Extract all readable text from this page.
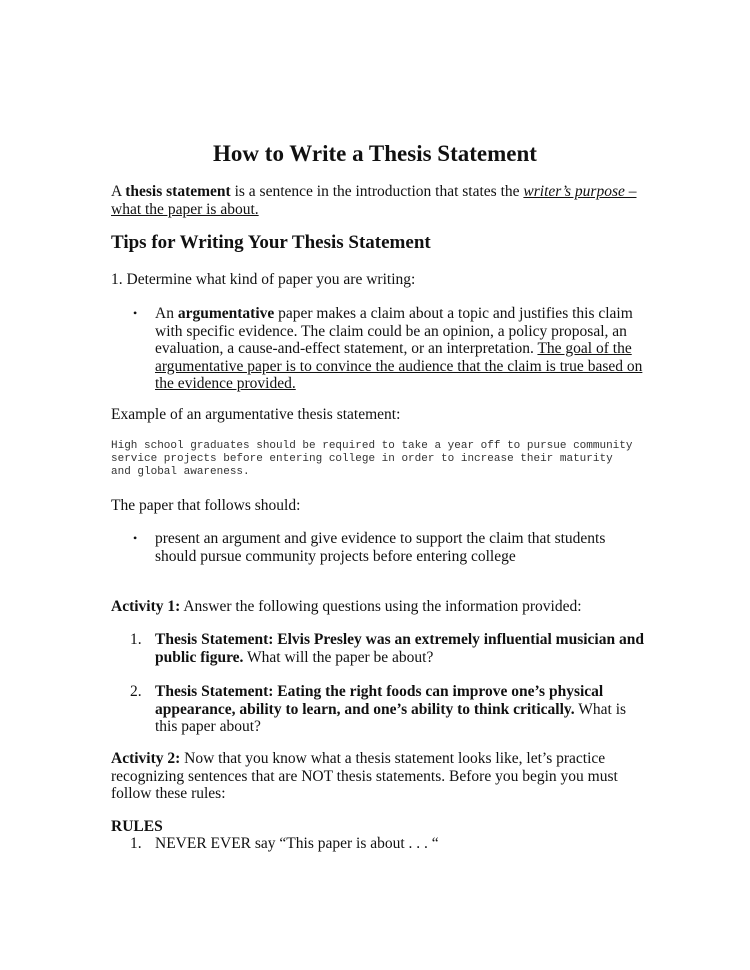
How to Write a Thesis Statement

A thesis statement is a sentence in the introduction that states the writer’s purpose –
what the paper is about.

Tips for Writing Your Thesis Statement

1. Determine what kind of paper you are writing:

• An argumentative paper makes a claim about a topic and justifies this claim with specific evidence. The claim could be an opinion, a policy proposal, an evaluation, a cause-and-effect statement, or an interpretation. The goal of the argumentative paper is to convince the audience that the claim is true based on the evidence provided.

Example of an argumentative thesis statement:

High school graduates should be required to take a year off to pursue community
service projects before entering college in order to increase their maturity
and global awareness.

The paper that follows should:

• present an argument and give evidence to support the claim that students should pursue community projects before entering college

Activity 1: Answer the following questions using the information provided:

1. Thesis Statement: Elvis Presley was an extremely influential musician and public figure. What will the paper be about?

2. Thesis Statement: Eating the right foods can improve one’s physical appearance, ability to learn, and one’s ability to think critically. What is this paper about?

Activity 2: Now that you know what a thesis statement looks like, let’s practice recognizing sentences that are NOT thesis statements. Before you begin you must follow these rules:

RULES

1. NEVER EVER say “This paper is about . . . “
